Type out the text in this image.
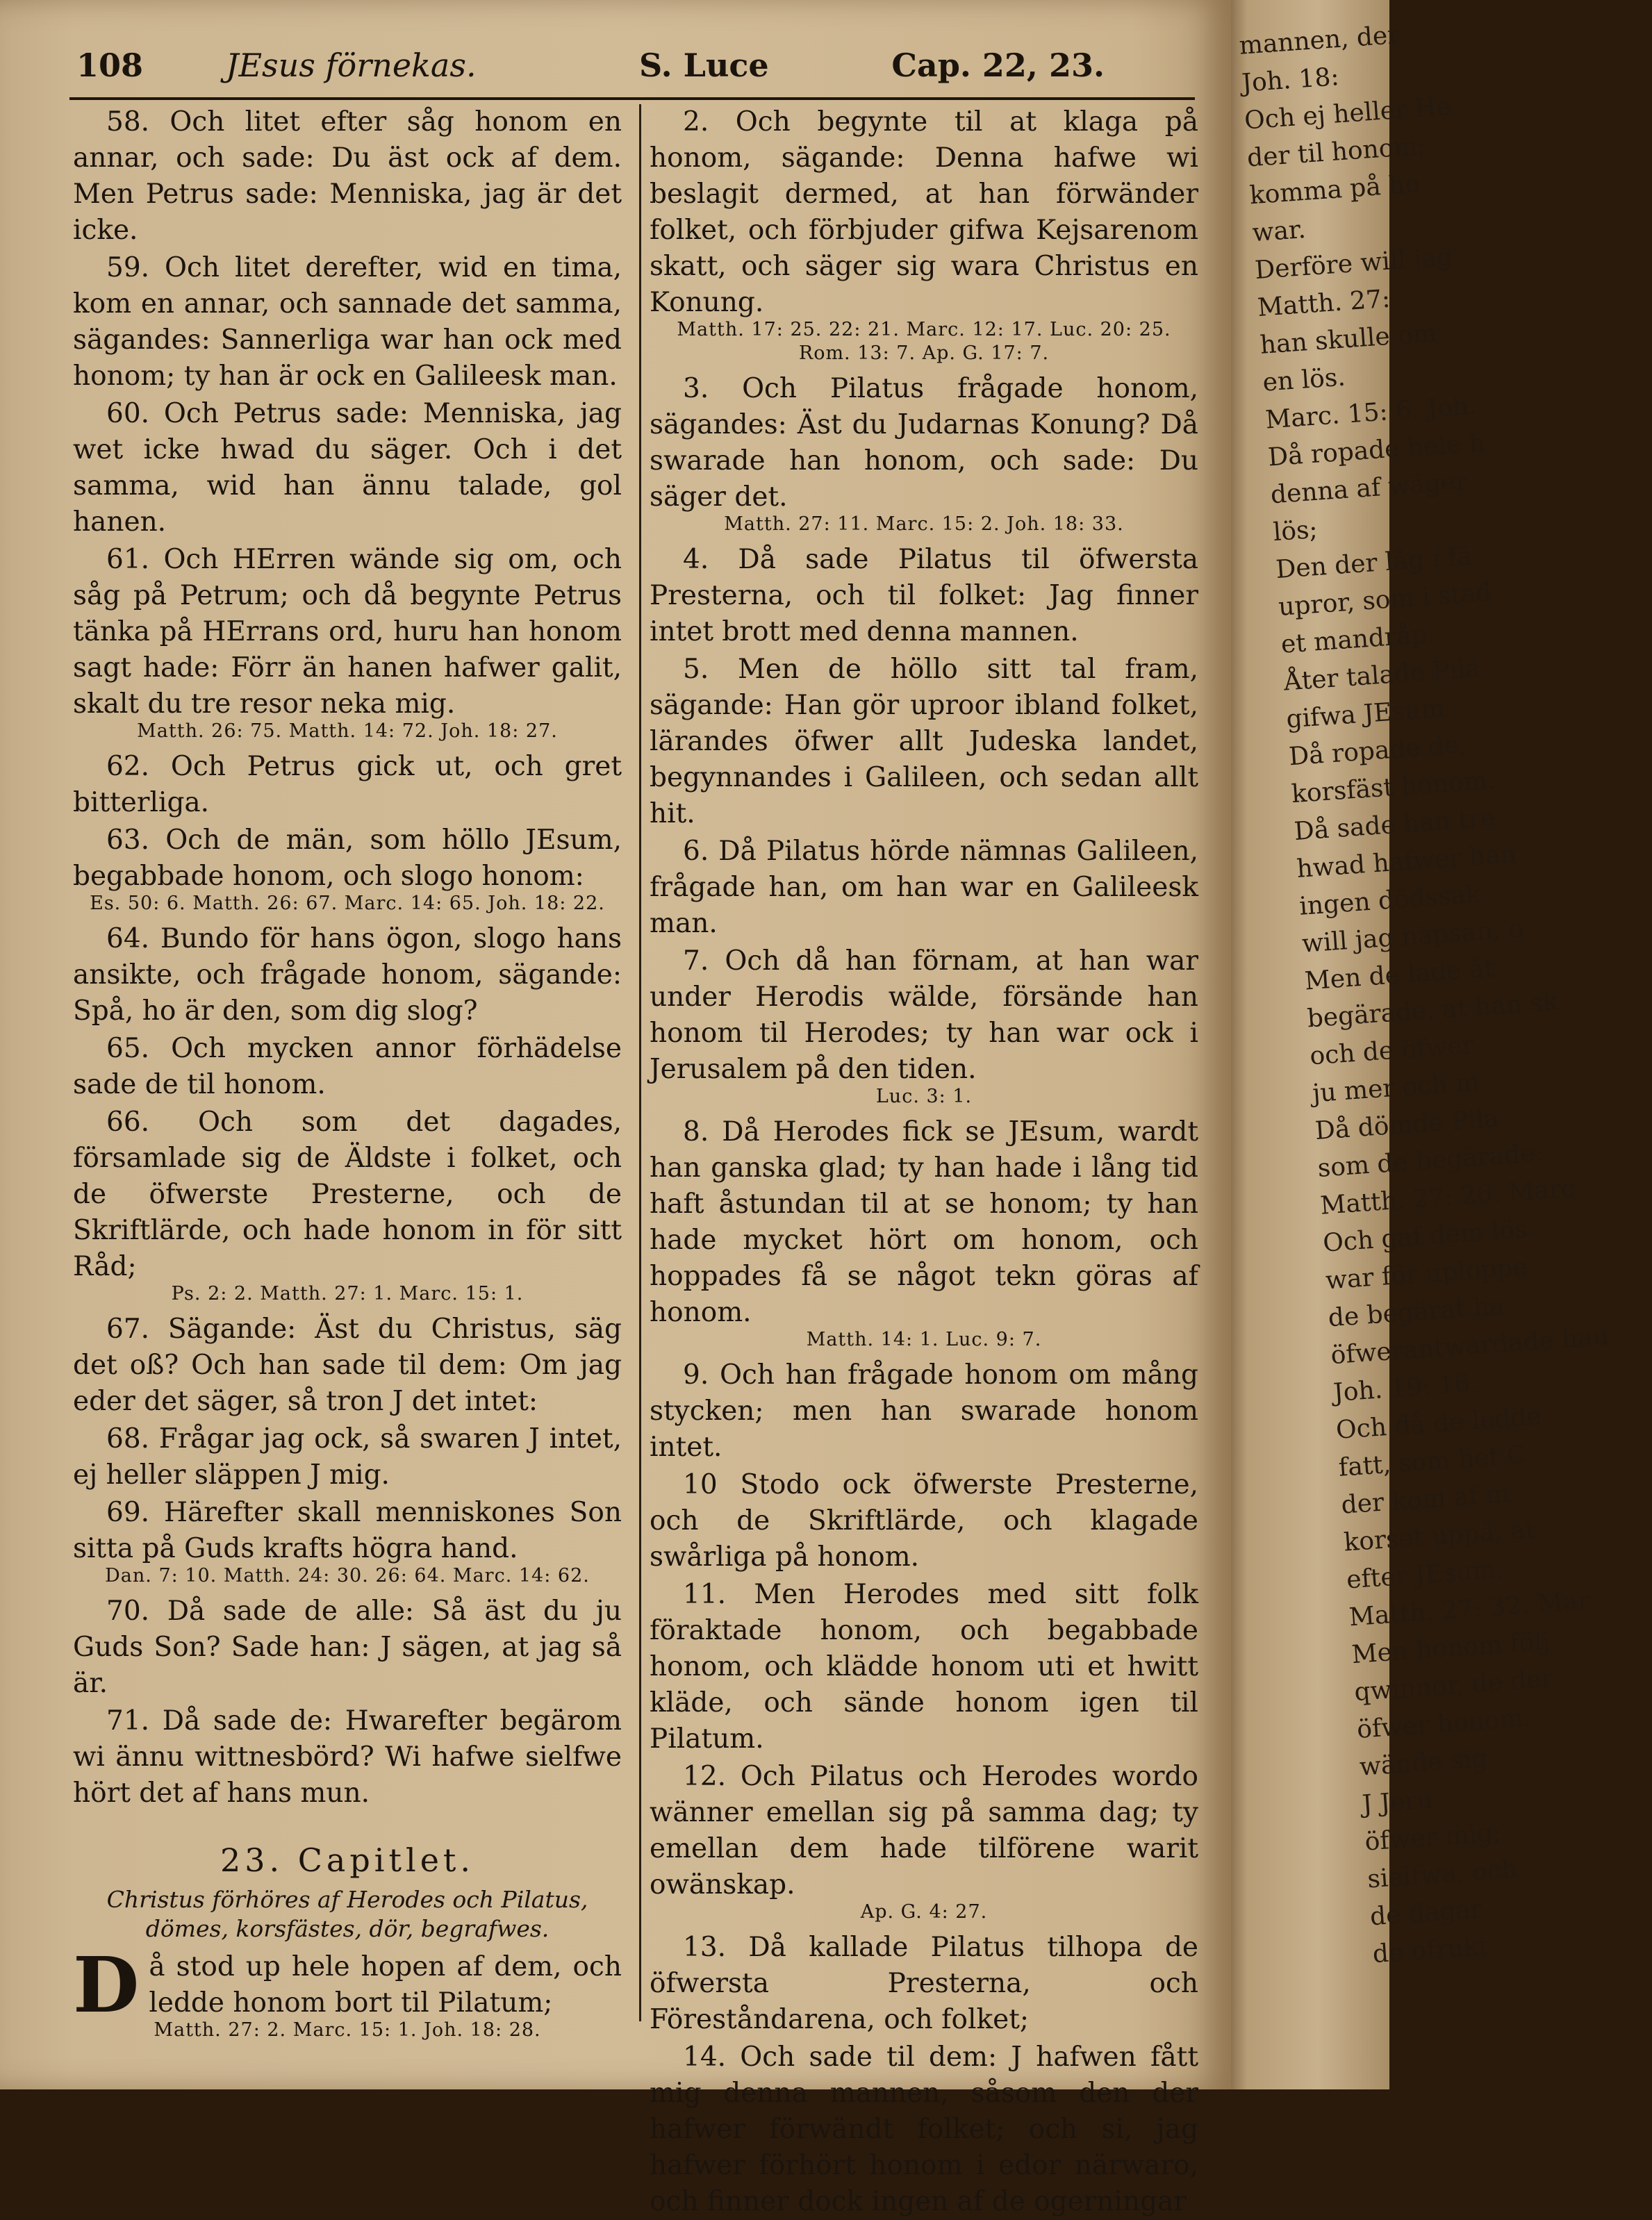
108	JEsus förnekas.	S. Luce	Cap. 22, 23.

58. Och litet efter såg honom en annar, och sade: Du äst ock af dem. Men Petrus sade: Menniska, jag är det icke.

59. Och litet derefter, wid en tima, kom en annar, och sannade det samma, sägandes: Sannerliga war han ock med honom; ty han är ock en Galileesk man.

60. Och Petrus sade: Menniska, jag wet icke hwad du säger. Och i det samma, wid han ännu talade, gol hanen.

61. Och HErren wände sig om, och såg på Petrum; och då begynte Petrus tänka på HErrans ord, huru han honom sagt hade: Förr än hanen hafwer galit, skalt du tre resor neka mig.

Matth. 26: 75. Matth. 14: 72. Joh. 18: 27.

62. Och Petrus gick ut, och gret bitterliga.

63. Och de män, som höllo JEsum, begabbade honom, och slogo honom:

Es. 50: 6. Matth. 26: 67. Marc. 14: 65. Joh. 18: 22.

64. Bundo för hans ögon, slogo hans ansikte, och frågade honom, sägande: Spå, ho är den, som dig slog?

65. Och mycken annor förhädelse sade de til honom.

66. Och som det dagades, församlade sig de Äldste i folket, och de öfwerste Presterne, och de Skriftlärde, och hade honom in för sitt Råd;

Ps. 2: 2. Matth. 27: 1. Marc. 15: 1.

67. Sägande: Äst du Christus, säg det oß? Och han sade til dem: Om jag eder det säger, så tron J det intet:

68. Frågar jag ock, så swaren J intet, ej heller släppen J mig.

69. Härefter skall menniskones Son sitta på Guds krafts högra hand.

Dan. 7: 10. Matth. 24: 30. 26: 64. Marc. 14: 62.

70. Då sade de alle: Så äst du ju Guds Son? Sade han: J sägen, at jag så är.

71. Då sade de: Hwarefter begärom wi ännu wittnesbörd? Wi hafwe sielfwe hört det af hans mun.

23. Capitlet.
Christus förhöres af Herodes och Pilatus, dömes, korsfästes, dör, begrafwes.

Då stod up hele hopen af dem, och ledde honom bort til Pilatum;

Matth. 27: 2. Marc. 15: 1. Joh. 18: 28.

2. Och begynte til at klaga på honom, sägande: Denna hafwe wi beslagit dermed, at han förwänder folket, och förbjuder gifwa Kejsarenom skatt, och säger sig wara Christus en Konung.

Matth. 17: 25. 22: 21. Marc. 12: 17. Luc. 20: 25. Rom. 13: 7. Ap. G. 17: 7.

3. Och Pilatus frågade honom, sägandes: Äst du Judarnas Konung? Då swarade han honom, och sade: Du säger det.

Matth. 27: 11. Marc. 15: 2. Joh. 18: 33.

4. Då sade Pilatus til öfwersta Presterna, och til folket: Jag finner intet brott med denna mannen.

5. Men de höllo sitt tal fram, sägande: Han gör uproor ibland folket, lärandes öfwer allt Judeska landet, begynnandes i Galileen, och sedan allt hit.

6. Då Pilatus hörde nämnas Galileen, frågade han, om han war en Galileesk man.

7. Och då han förnam, at han war under Herodis wälde, försände han honom til Herodes; ty han war ock i Jerusalem på den tiden.

Luc. 3: 1.

8. Då Herodes fick se JEsum, wardt han ganska glad; ty han hade i lång tid haft åstundan til at se honom; ty han hade mycket hört om honom, och hoppades få se något tekn göras af honom.

Matth. 14: 1. Luc. 9: 7.

9. Och han frågade honom om mång stycken; men han swarade honom intet.

10 Stodo ock öfwerste Presterne, och de Skriftlärde, och klagade swårliga på honom.

11. Men Herodes med sitt folk föraktade honom, och begabbade honom, och klädde honom uti et hwitt kläde, och sände honom igen til Pilatum.

12. Och Pilatus och Herodes wordo wänner emellan sig på samma dag; ty emellan dem hade tilförene warit owänskap.

Ap. G. 4: 27.

13. Då kallade Pilatus tilhopa de öfwersta Presterna, och Föreståndarena, och folket;

14. Och sade til dem: J hafwen fått mig denna mannen, såsom den der hafwer förwändt folket; och si, jag hafwer förhört honom i edor närwaro, och finner dock ingen af de ogerningar

mannen, der
Joh. 18:
Och ej heller He
der til honom;
komma på ho
war.
Derföre will jag
Matth. 27:
han skulle om
en lös.
Marc. 15: 6. Joh.
Då ropade hele h
denna af wäger
lös;
Den der låg i fä
upror, som i stad
et mandråp.
Åter talade Pila
gifwa JEsum
Då ropade de,
korsfäst honom.
Då sade han tre
hwad hafwer han
ingen dödssak
will jag näpsan, o
Men de lade åt
begärade, at han sk
och de öfwer
ju mer och m
Då dömde Pila
som de begärade:
Matth. 27: 26. Marc
Och gaf dem lös
war för uploppe
de begärat ha
öfwerantwardade hau
Joh. 19: 16.
Och då de ledde
fatt, som het C
der kom af m
korset uppå, at
efter JEsum.
Matth. 27: 32. Mar
Men honom följ
qwinnor, de der
öfwer honom.
wände sig
J Jeru
öfwer mig;
sielfwa, och
de dagar
de ofrukt
